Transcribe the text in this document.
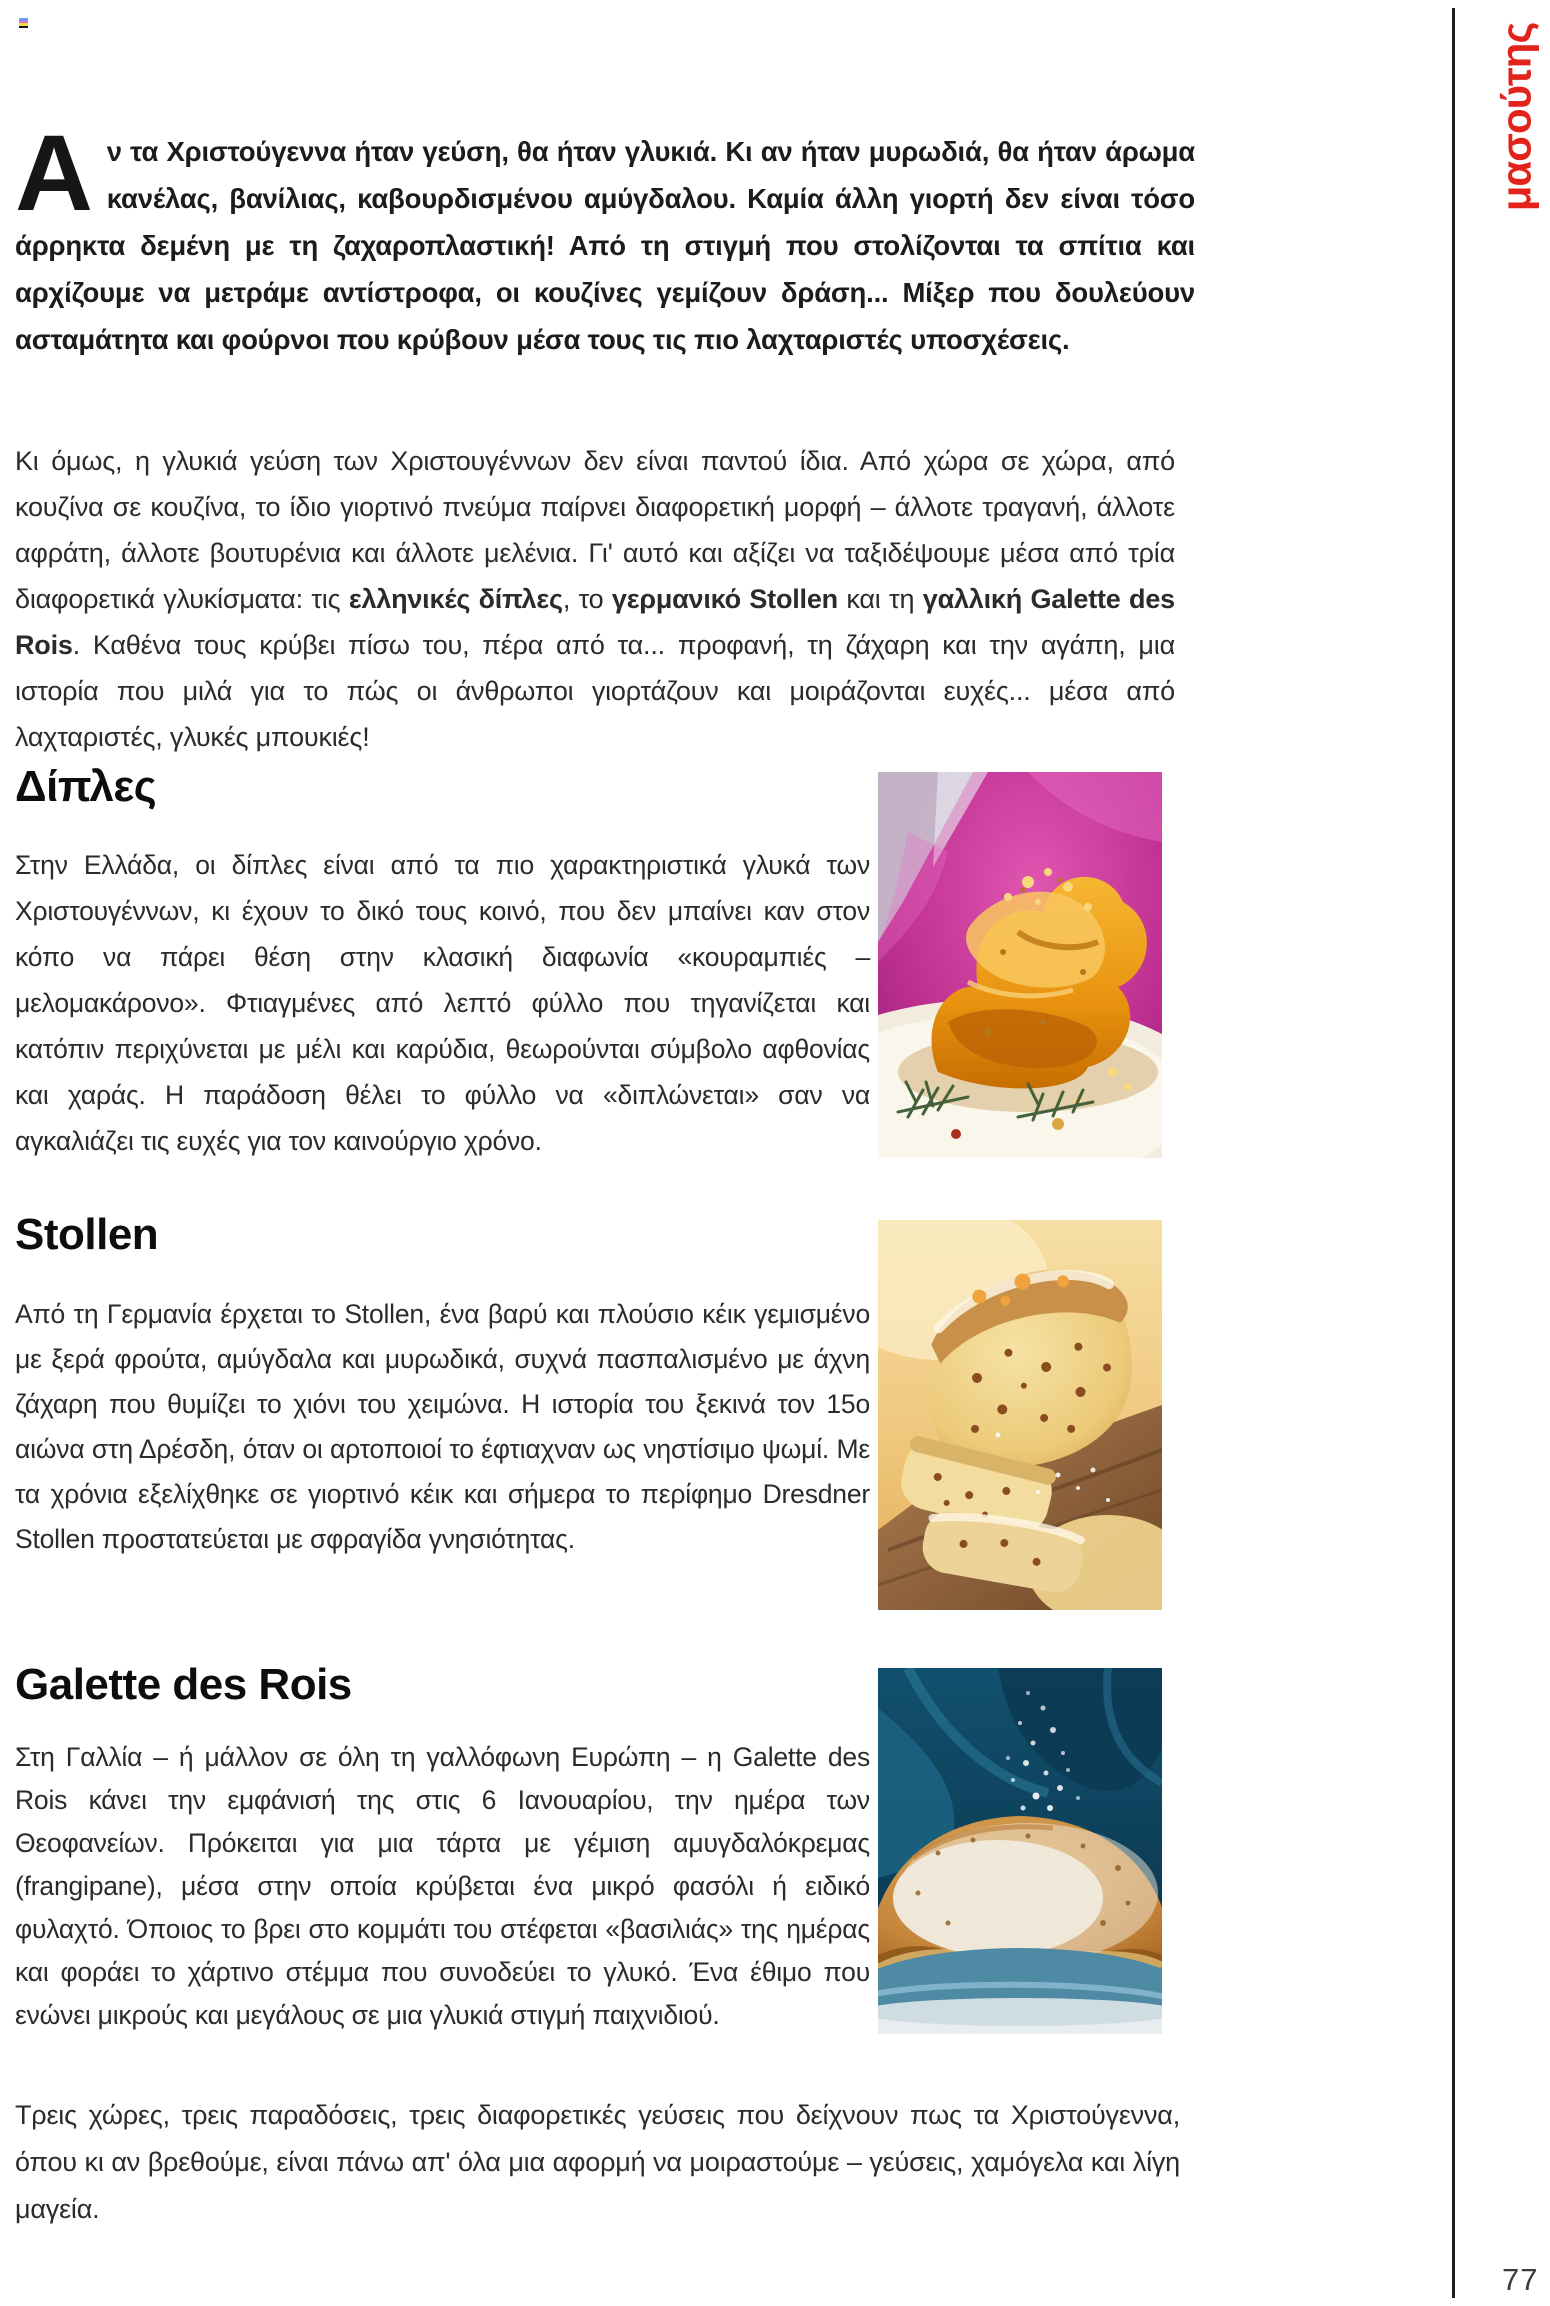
μασούτης
Αν τα Χριστούγεννα ήταν γεύση, θα ήταν γλυκιά. Κι αν ήταν μυρωδιά, θα ήταν άρωμα κανέλας, βανίλιας, καβουρδισμένου αμύγδαλου. Καμία άλλη γιορτή δεν είναι τόσο άρρηκτα δεμένη με τη ζαχαροπλαστική! Από τη στιγμή που στολίζονται τα σπίτια και αρχίζουμε να μετράμε αντίστροφα, οι κουζίνες γεμίζουν δράση... Μίξερ που δουλεύουν ασταμάτητα και φούρνοι που κρύβουν μέσα τους τις πιο λαχταριστές υποσχέσεις.
Κι όμως, η γλυκιά γεύση των Χριστουγέννων δεν είναι παντού ίδια. Από χώρα σε χώρα, από κουζίνα σε κουζίνα, το ίδιο γιορτινό πνεύμα παίρνει διαφορετική μορφή – άλλοτε τραγανή, άλλοτε αφράτη, άλλοτε βουτυρένια και άλλοτε μελένια. Γι' αυτό και αξίζει να ταξιδέψουμε μέσα από τρία διαφορετικά γλυκίσματα: τις ελληνικές δίπλες, το γερμανικό Stollen και τη γαλλική Galette des Rois. Καθένα τους κρύβει πίσω του, πέρα από τα... προφανή, τη ζάχαρη και την αγάπη, μια ιστορία που μιλά για το πώς οι άνθρωποι γιορτάζουν και μοιράζονται ευχές... μέσα από λαχταριστές, γλυκές μπουκιές!
Δίπλες
Στην Ελλάδα, οι δίπλες είναι από τα πιο χαρακτηριστικά γλυκά των Χριστουγέννων, κι έχουν το δικό τους κοινό, που δεν μπαίνει καν στον κόπο να πάρει θέση στην κλασική διαφωνία «κουραμπιές – μελομακάρονο». Φτιαγμένες από λεπτό φύλλο που τηγανίζεται και κατόπιν περιχύνεται με μέλι και καρύδια, θεωρούνται σύμβολο αφθονίας και χαράς. Η παράδοση θέλει το φύλλο να «διπλώνεται» σαν να αγκαλιάζει τις ευχές για τον καινούργιο χρόνο.
Stollen
Από τη Γερμανία έρχεται το Stollen, ένα βαρύ και πλούσιο κέικ γεμισμένο με ξερά φρούτα, αμύγδαλα και μυρωδικά, συχνά πασπαλισμένο με άχνη ζάχαρη που θυμίζει το χιόνι του χειμώνα. Η ιστορία του ξεκινά τον 15ο αιώνα στη Δρέσδη, όταν οι αρτοποιοί το έφτιαχναν ως νηστίσιμο ψωμί. Με τα χρόνια εξελίχθηκε σε γιορτινό κέικ και σήμερα το περίφημο Dresdner Stollen προστατεύεται με σφραγίδα γνησιότητας.
Galette des Rois
Στη Γαλλία – ή μάλλον σε όλη τη γαλλόφωνη Ευρώπη – η Galette des Rois κάνει την εμφάνισή της στις 6 Ιανουαρίου, την ημέρα των Θεοφανείων. Πρόκειται για μια τάρτα με γέμιση αμυγδαλόκρεμας (frangipane), μέσα στην οποία κρύβεται ένα μικρό φασόλι ή ειδικό φυλαχτό. Όποιος το βρει στο κομμάτι του στέφεται «βασιλιάς» της ημέρας και φοράει το χάρτινο στέμμα που συνοδεύει το γλυκό. Ένα έθιμο που ενώνει μικρούς και μεγάλους σε μια γλυκιά στιγμή παιχνιδιού.
Τρεις χώρες, τρεις παραδόσεις, τρεις διαφορετικές γεύσεις που δείχνουν πως τα Χριστούγεννα, όπου κι αν βρεθούμε, είναι πάνω απ' όλα μια αφορμή να μοιραστούμε – γεύσεις, χαμόγελα και λίγη μαγεία.
77
